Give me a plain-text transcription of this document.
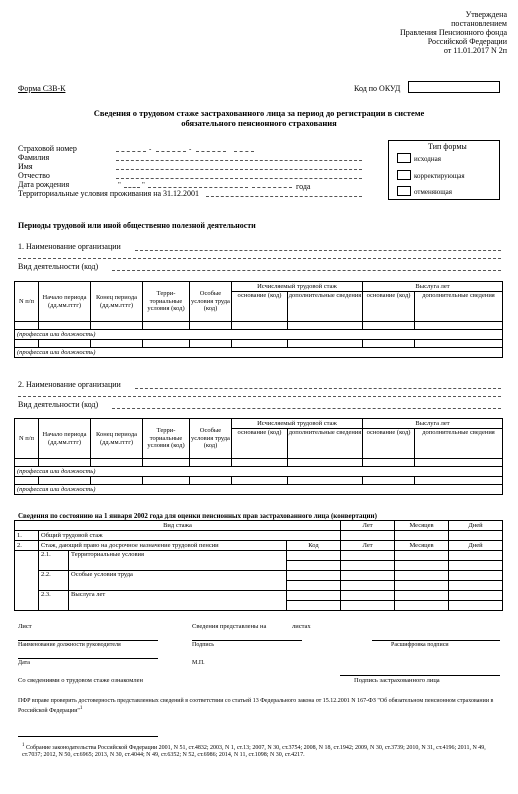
Утверждена
постановлением
Правления Пенсионного фонда
Российской Федерации
от 11.01.2017 N 2п
Форма СЗВ-К	Код по ОКУД
Сведения о трудовом стаже застрахованного лица за период до регистрации в системе
обязательного пенсионного страхования
Страховой номер
Фамилия
Имя
Отчество
Дата рождения
Территориальные условия проживания на 31.12.2001
-	-
"	"	года
Тип формы
исходная
корректирующая
отменяющая
Периоды трудовой или иной общественно полезной деятельности
1. Наименование организации
Вид деятельности (код)
N п/п	Начало периода (дд.мм.гггг)	Конец периода (дд.мм.гггг)	Терри-ториальные условия (код)	Особые условия труда (код)	Исчисляемый трудовой стаж		Выслуга лет	
					основание (код)	дополнительные сведения	основание (код)	дополнительные сведения

(профессия или должность)								

(профессия или должность)								
2. Наименование организации
Вид деятельности (код)
N п/п	Начало периода (дд.мм.гггг)	Конец периода (дд.мм.гггг)	Терри-ториальные условия (код)	Особые условия труда (код)	Исчисляемый трудовой стаж		Выслуга лет	
					основание (код)	дополнительные сведения	основание (код)	дополнительные сведения

(профессия или должность)								

(профессия или должность)								
Сведения по состоянию на 1 января 2002 года для оценки пенсионных прав застрахованного лица (конвертации)
Вид стажа				Лет	Месяцев	Дней
1.	Общий трудовой стаж					
2.	Стаж, дающий право на досрочное назначение трудовой пенсии		Код	Лет	Месяцев	Дней
	2.1.	Территориальные условия				

	2.2.	Особые условия труда				

	2.3.	Выслуга лет				

Лист	Сведения представлены на	листах
Наименование должности руководителя	Подпись	Расшифровка подписи
Дата	М.П.
Со сведениями о трудовом стаже ознакомлен	Подпись застрахованного лица
ПФР вправе проверить достоверность представленных сведений в соответствии со статьей 13 Федерального закона от 15.12.2001 N 167-ФЗ "Об обязательном пенсионном страховании в Российской Федерации"$^1$
$^1$ Собрание законодательства Российской Федерации 2001, N 51, ст.4832; 2003, N 1, ст.13; 2007, N 30, ст.3754; 2008, N 18, ст.1942; 2009, N 30, ст.3739; 2010, N 31, ст.4196; 2011, N 49, ст.7037; 2012, N 50, ст.6965; 2013, N 30, ст.4044; N 49, ст.6352; N 52, ст.6986; 2014, N 11, ст.1098; N 30, ст.4217.
